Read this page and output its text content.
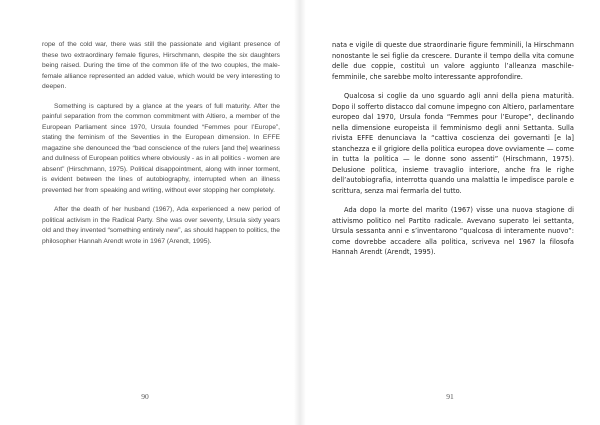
rope of the cold war, there was still the passionate and vigilant presence of these two extraordinary female figures, Hirschmann, despite the six daughters being raised. During the time of the common life of the two couples, the male-female alliance represented an added value, which would be very interesting to deepen.

Something is captured by a glance at the years of full maturity. After the painful separation from the common commitment with Altiero, a member of the European Parliament since 1970, Ursula founded “Femmes pour l’Europe”, stating the feminism of the Seventies in the European dimension. In EFFE magazine she denounced the “bad conscience of the rulers [and the] weariness and dullness of European politics where obviously - as in all politics - women are absent” (Hirschmann, 1975). Political disappointment, along with inner torment, is evident between the lines of autobiography, interrupted when an illness prevented her from speaking and writing, without ever stopping her completely.

After the death of her husband (1967), Ada experienced a new period of political activism in the Radical Party. She was over seventy, Ursula sixty years old and they invented “something entirely new”, as should happen to politics, the philosopher Hannah Arendt wrote in 1967 (Arendt, 1995).

90

nata e vigile di queste due straordinarie figure femminili, la Hirschmann nonostante le sei figlie da crescere. Durante il tempo della vita comune delle due coppie, costituì un valore aggiunto l’alleanza maschile-femminile, che sarebbe molto interessante approfondire.

Qualcosa si coglie da uno sguardo agli anni della piena maturità. Dopo il sofferto distacco dal comune impegno con Altiero, parlamentare europeo dal 1970, Ursula fonda “Femmes pour l’Europe”, declinando nella dimensione europeista il femminismo degli anni Settanta. Sulla rivista EFFE denunciava la “cattiva coscienza dei governanti [e la] stanchezza e il grigiore della politica europea dove ovviamente — come in tutta la politica — le donne sono assenti” (Hirschmann, 1975). Delusione politica, insieme travaglio interiore, anche fra le righe dell’autobiografia, interrotta quando una malattia le impedisce parole e scrittura, senza mai fermarla del tutto.

Ada dopo la morte del marito (1967) visse una nuova stagione di attivismo politico nel Partito radicale. Avevano superato lei settanta, Ursula sessanta anni e s’inventarono “qualcosa di interamente nuovo”: come dovrebbe accadere alla politica, scriveva nel 1967 la filosofa Hannah Arendt (Arendt, 1995).

91
